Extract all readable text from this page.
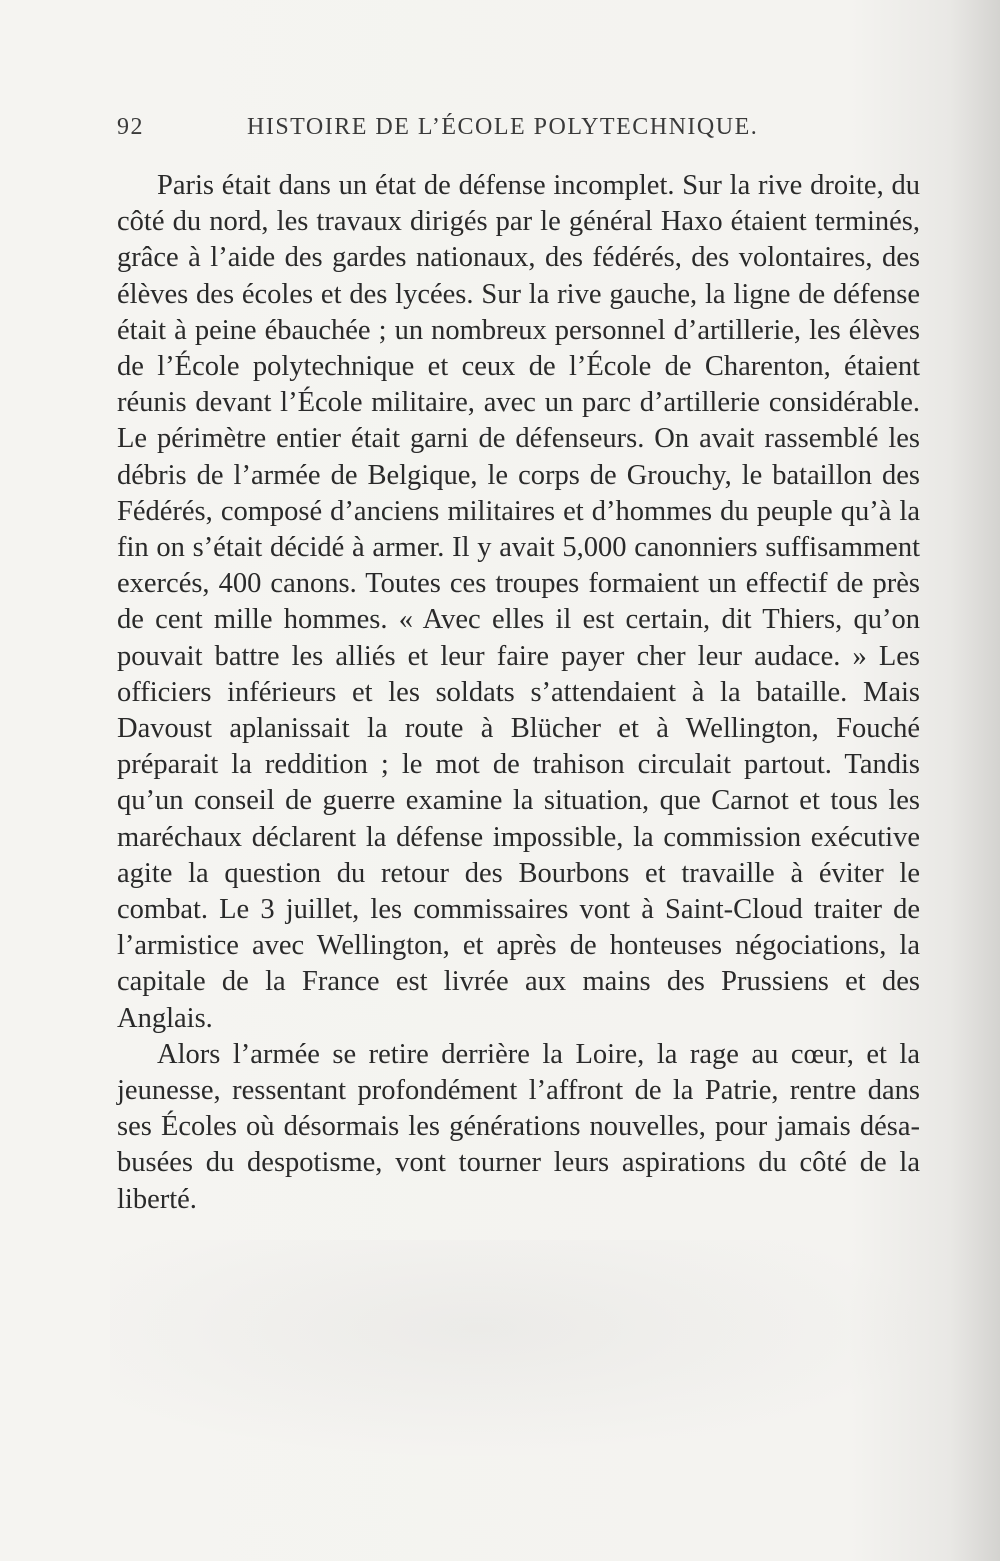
92	HISTOIRE DE L’ÉCOLE POLYTECHNIQUE.

Paris était dans un état de défense incomplet. Sur la rive droite, du côté du nord, les travaux dirigés par le général Haxo étaient terminés, grâce à l’aide des gardes nationaux, des fédérés, des volontaires, des élèves des écoles et des lycées. Sur la rive gauche, la ligne de défense était à peine ébauchée ; un nombreux personnel d’artillerie, les élèves de l’École polytechnique et ceux de l’École de Charenton, étaient réunis devant l’École militaire, avec un parc d’artillerie considérable. Le périmètre entier était garni de défenseurs. On avait rassemblé les débris de l’armée de Belgique, le corps de Grouchy, le bataillon des Fédérés, composé d’anciens militaires et d’hommes du peuple qu’à la fin on s’était décidé à armer. Il y avait 5,000 canonniers suffisamment exercés, 400 canons. Toutes ces troupes formaient un effectif de près de cent mille hommes. « Avec elles il est certain, dit Thiers, qu’on pouvait battre les alliés et leur faire payer cher leur audace. » Les officiers inférieurs et les soldats s’attendaient à la bataille. Mais Davoust aplanissait la route à Blücher et à Wellington, Fouché préparait la reddition ; le mot de trahison circulait partout. Tandis qu’un conseil de guerre examine la situation, que Carnot et tous les maréchaux déclarent la défense impossible, la commission exécutive agite la question du retour des Bourbons et travaille à éviter le combat. Le 3 juillet, les commissaires vont à Saint-Cloud traiter de l’armistice avec Wellington, et après de honteuses négociations, la capitale de la France est livrée aux mains des Prussiens et des Anglais.

Alors l’armée se retire derrière la Loire, la rage au cœur, et la jeunesse, ressentant profondément l’affront de la Patrie, rentre dans ses Écoles où désormais les générations nouvelles, pour jamais désabusées du despotisme, vont tourner leurs aspirations du côté de la liberté.
